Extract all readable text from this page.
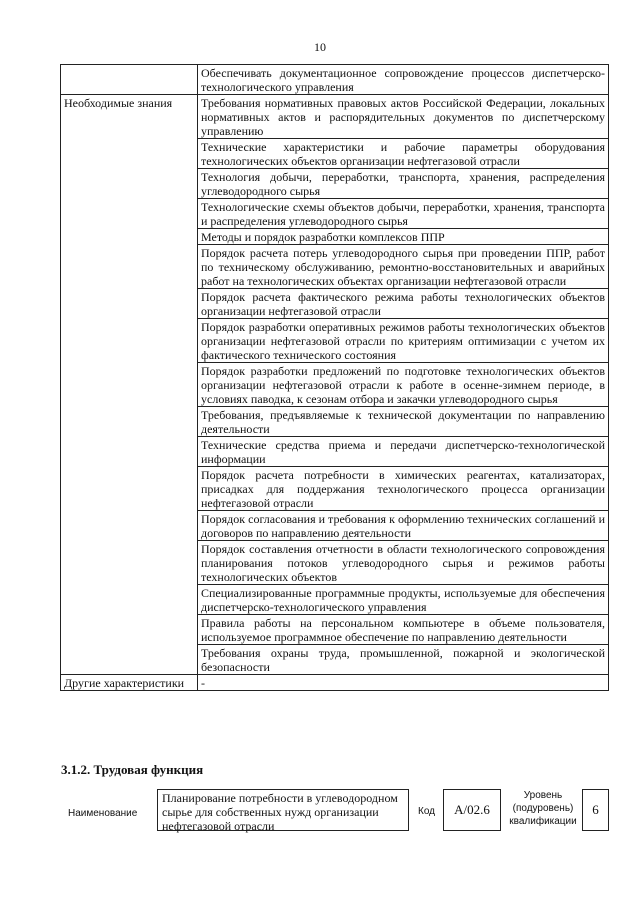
10
	Обеспечивать документационное сопровождение процессов диспетчерско-технологического управления
Необходимые знания	Требования нормативных правовых актов Российской Федерации, локальных нормативных актов и распорядительных документов по диспетчерскому управлению
	Технические характеристики и рабочие параметры оборудования технологических объектов организации нефтегазовой отрасли
	Технология добычи, переработки, транспорта, хранения, распределения углеводородного сырья
	Технологические схемы объектов добычи, переработки, хранения, транспорта и распределения углеводородного сырья
	Методы и порядок разработки комплексов ППР
	Порядок расчета потерь углеводородного сырья при проведении ППР, работ по техническому обслуживанию, ремонтно-восстановительных и аварийных работ на технологических объектах организации нефтегазовой отрасли
	Порядок расчета фактического режима работы технологических объектов организации нефтегазовой отрасли
	Порядок разработки оперативных режимов работы технологических объектов организации нефтегазовой отрасли по критериям оптимизации с учетом их фактического технического состояния
	Порядок разработки предложений по подготовке технологических объектов организации нефтегазовой отрасли к работе в осенне-зимнем периоде, в условиях паводка, к сезонам отбора и закачки углеводородного сырья
	Требования, предъявляемые к технической документации по направлению деятельности
	Технические средства приема и передачи диспетчерско-технологической информации
	Порядок расчета потребности в химических реагентах, катализаторах, присадках для поддержания технологического процесса организации нефтегазовой отрасли
	Порядок согласования и требования к оформлению технических соглашений и договоров по направлению деятельности
	Порядок составления отчетности в области технологического сопровождения планирования потоков углеводородного сырья и режимов работы технологических объектов
	Специализированные программные продукты, используемые для обеспечения диспетчерско-технологического управления
	Правила работы на персональном компьютере в объеме пользователя, используемое программное обеспечение по направлению деятельности
	Требования охраны труда, промышленной, пожарной и экологической безопасности
Другие характеристики	-
3.1.2. Трудовая функция
Наименование
Планирование потребности в углеводородном сырье для собственных нужд организации нефтегазовой отрасли
Код	A/02.6
Уровень (подуровень) квалификации
6
